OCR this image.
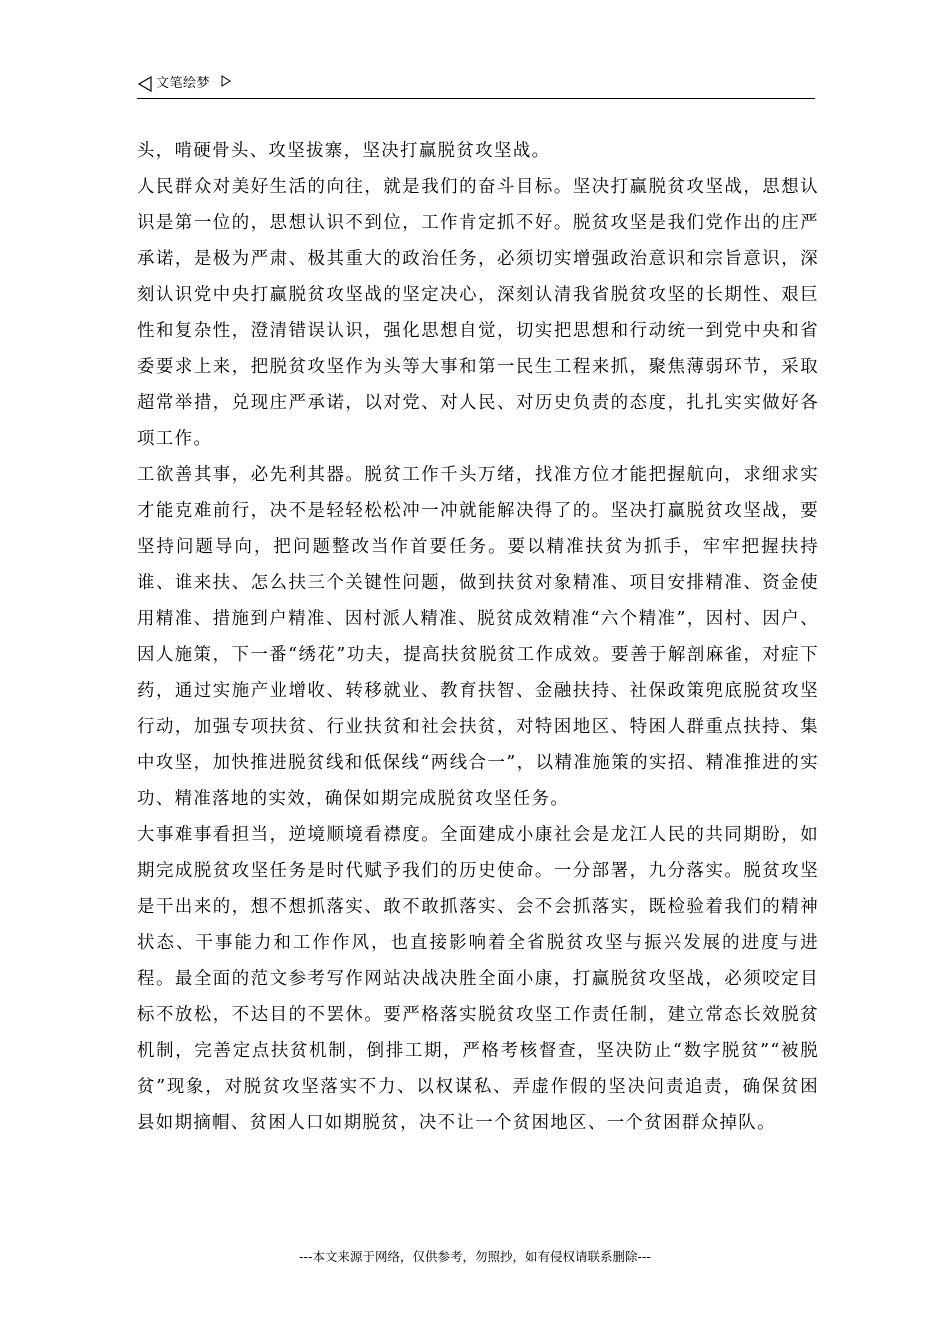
文笔绘梦

头，啃硬骨头、攻坚拔寨，坚决打赢脱贫攻坚战。

人民群众对美好生活的向往，就是我们的奋斗目标。坚决打赢脱贫攻坚战，思想认识是第一位的，思想认识不到位，工作肯定抓不好。脱贫攻坚是我们党作出的庄严承诺，是极为严肃、极其重大的政治任务，必须切实增强政治意识和宗旨意识，深刻认识党中央打赢脱贫攻坚战的坚定决心，深刻认清我省脱贫攻坚的长期性、艰巨性和复杂性，澄清错误认识，强化思想自觉，切实把思想和行动统一到党中央和省委要求上来，把脱贫攻坚作为头等大事和第一民生工程来抓，聚焦薄弱环节，采取超常举措，兑现庄严承诺，以对党、对人民、对历史负责的态度，扎扎实实做好各项工作。

工欲善其事，必先利其器。脱贫工作千头万绪，找准方位才能把握航向，求细求实才能克难前行，决不是轻轻松松冲一冲就能解决得了的。坚决打赢脱贫攻坚战，要坚持问题导向，把问题整改当作首要任务。要以精准扶贫为抓手，牢牢把握扶持谁、谁来扶、怎么扶三个关键性问题，做到扶贫对象精准、项目安排精准、资金使用精准、措施到户精准、因村派人精准、脱贫成效精准“六个精准”，因村、因户、因人施策，下一番“绣花”功夫，提高扶贫脱贫工作成效。要善于解剖麻雀，对症下药，通过实施产业增收、转移就业、教育扶智、金融扶持、社保政策兜底脱贫攻坚行动，加强专项扶贫、行业扶贫和社会扶贫，对特困地区、特困人群重点扶持、集中攻坚，加快推进脱贫线和低保线“两线合一”，以精准施策的实招、精准推进的实功、精准落地的实效，确保如期完成脱贫攻坚任务。

大事难事看担当，逆境顺境看襟度。全面建成小康社会是龙江人民的共同期盼，如期完成脱贫攻坚任务是时代赋予我们的历史使命。一分部署，九分落实。脱贫攻坚是干出来的，想不想抓落实、敢不敢抓落实、会不会抓落实，既检验着我们的精神状态、干事能力和工作作风，也直接影响着全省脱贫攻坚与振兴发展的进度与进程。最全面的范文参考写作网站决战决胜全面小康，打赢脱贫攻坚战，必须咬定目标不放松，不达目的不罢休。要严格落实脱贫攻坚工作责任制，建立常态长效脱贫机制，完善定点扶贫机制，倒排工期，严格考核督查，坚决防止“数字脱贫”“被脱贫”现象，对脱贫攻坚落实不力、以权谋私、弄虚作假的坚决问责追责，确保贫困县如期摘帽、贫困人口如期脱贫，决不让一个贫困地区、一个贫困群众掉队。

---本文来源于网络，仅供参考，勿照抄，如有侵权请联系删除---
